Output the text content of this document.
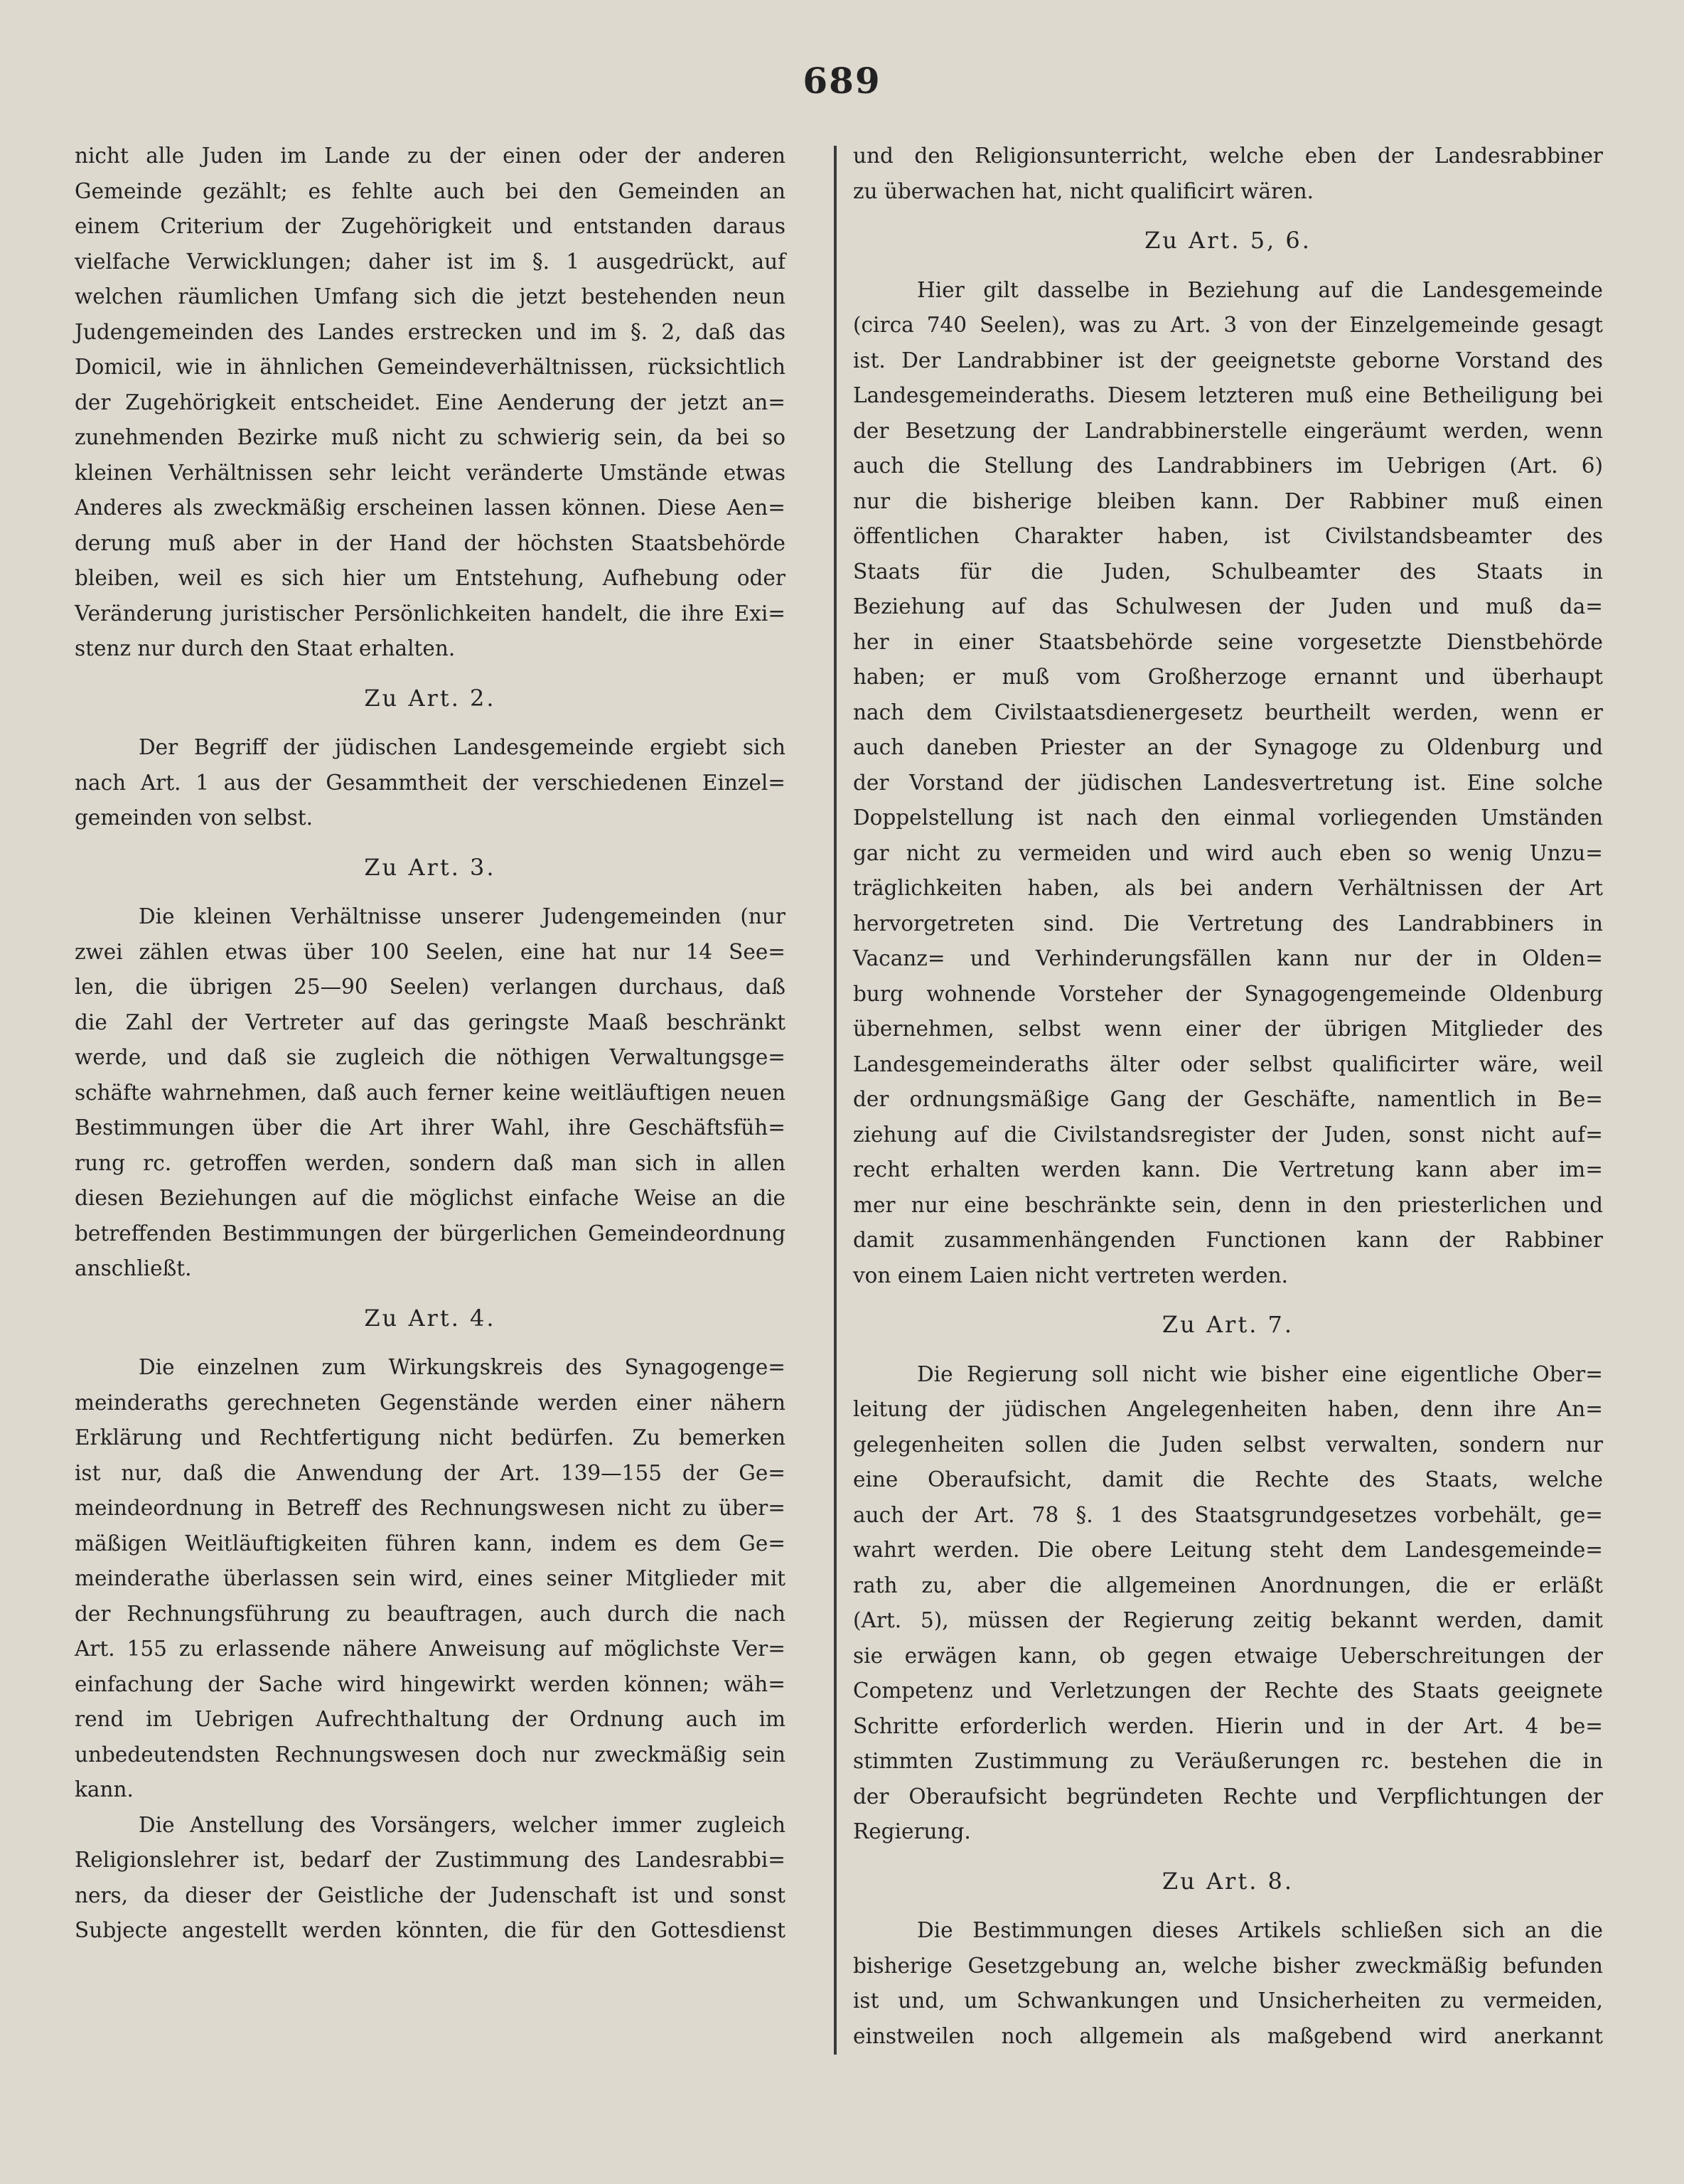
689
nicht alle Juden im Lande zu der einen oder der anderen
Gemeinde gezählt; es fehlte auch bei den Gemeinden an
einem Criterium der Zugehörigkeit und entstanden daraus
vielfache Verwicklungen; daher ist im §. 1 ausgedrückt, auf
welchen räumlichen Umfang sich die jetzt bestehenden neun
Judengemeinden des Landes erstrecken und im §. 2, daß das
Domicil, wie in ähnlichen Gemeindeverhältnissen, rücksichtlich
der Zugehörigkeit entscheidet. Eine Aenderung der jetzt an=
zunehmenden Bezirke muß nicht zu schwierig sein, da bei so
kleinen Verhältnissen sehr leicht veränderte Umstände etwas
Anderes als zweckmäßig erscheinen lassen können. Diese Aen=
derung muß aber in der Hand der höchsten Staatsbehörde
bleiben, weil es sich hier um Entstehung, Aufhebung oder
Veränderung juristischer Persönlichkeiten handelt, die ihre Exi=
stenz nur durch den Staat erhalten.
Zu Art. 2.
Der Begriff der jüdischen Landesgemeinde ergiebt sich
nach Art. 1 aus der Gesammtheit der verschiedenen Einzel=
gemeinden von selbst.
Zu Art. 3.
Die kleinen Verhältnisse unserer Judengemeinden (nur
zwei zählen etwas über 100 Seelen, eine hat nur 14 See=
len, die übrigen 25—90 Seelen) verlangen durchaus, daß
die Zahl der Vertreter auf das geringste Maaß beschränkt
werde, und daß sie zugleich die nöthigen Verwaltungsge=
schäfte wahrnehmen, daß auch ferner keine weitläuftigen neuen
Bestimmungen über die Art ihrer Wahl, ihre Geschäftsfüh=
rung rc. getroffen werden, sondern daß man sich in allen
diesen Beziehungen auf die möglichst einfache Weise an die
betreffenden Bestimmungen der bürgerlichen Gemeindeordnung
anschließt.
Zu Art. 4.
Die einzelnen zum Wirkungskreis des Synagogenge=
meinderaths gerechneten Gegenstände werden einer nähern
Erklärung und Rechtfertigung nicht bedürfen. Zu bemerken
ist nur, daß die Anwendung der Art. 139—155 der Ge=
meindeordnung in Betreff des Rechnungswesen nicht zu über=
mäßigen Weitläuftigkeiten führen kann, indem es dem Ge=
meinderathe überlassen sein wird, eines seiner Mitglieder mit
der Rechnungsführung zu beauftragen, auch durch die nach
Art. 155 zu erlassende nähere Anweisung auf möglichste Ver=
einfachung der Sache wird hingewirkt werden können; wäh=
rend im Uebrigen Aufrechthaltung der Ordnung auch im
unbedeutendsten Rechnungswesen doch nur zweckmäßig sein
kann.
Die Anstellung des Vorsängers, welcher immer zugleich
Religionslehrer ist, bedarf der Zustimmung des Landesrabbi=
ners, da dieser der Geistliche der Judenschaft ist und sonst
Subjecte angestellt werden könnten, die für den Gottesdienst
und den Religionsunterricht, welche eben der Landesrabbiner
zu überwachen hat, nicht qualificirt wären.
Zu Art. 5, 6.
Hier gilt dasselbe in Beziehung auf die Landesgemeinde
(circa 740 Seelen), was zu Art. 3 von der Einzelgemeinde gesagt
ist. Der Landrabbiner ist der geeignetste geborne Vorstand des
Landesgemeinderaths. Diesem letzteren muß eine Betheiligung bei
der Besetzung der Landrabbinerstelle eingeräumt werden, wenn
auch die Stellung des Landrabbiners im Uebrigen (Art. 6)
nur die bisherige bleiben kann. Der Rabbiner muß einen
öffentlichen Charakter haben, ist Civilstandsbeamter des
Staats für die Juden, Schulbeamter des Staats in
Beziehung auf das Schulwesen der Juden und muß da=
her in einer Staatsbehörde seine vorgesetzte Dienstbehörde
haben; er muß vom Großherzoge ernannt und überhaupt
nach dem Civilstaatsdienergesetz beurtheilt werden, wenn er
auch daneben Priester an der Synagoge zu Oldenburg und
der Vorstand der jüdischen Landesvertretung ist. Eine solche
Doppelstellung ist nach den einmal vorliegenden Umständen
gar nicht zu vermeiden und wird auch eben so wenig Unzu=
träglichkeiten haben, als bei andern Verhältnissen der Art
hervorgetreten sind. Die Vertretung des Landrabbiners in
Vacanz= und Verhinderungsfällen kann nur der in Olden=
burg wohnende Vorsteher der Synagogengemeinde Oldenburg
übernehmen, selbst wenn einer der übrigen Mitglieder des
Landesgemeinderaths älter oder selbst qualificirter wäre, weil
der ordnungsmäßige Gang der Geschäfte, namentlich in Be=
ziehung auf die Civilstandsregister der Juden, sonst nicht auf=
recht erhalten werden kann. Die Vertretung kann aber im=
mer nur eine beschränkte sein, denn in den priesterlichen und
damit zusammenhängenden Functionen kann der Rabbiner
von einem Laien nicht vertreten werden.
Zu Art. 7.
Die Regierung soll nicht wie bisher eine eigentliche Ober=
leitung der jüdischen Angelegenheiten haben, denn ihre An=
gelegenheiten sollen die Juden selbst verwalten, sondern nur
eine Oberaufsicht, damit die Rechte des Staats, welche
auch der Art. 78 §. 1 des Staatsgrundgesetzes vorbehält, ge=
wahrt werden. Die obere Leitung steht dem Landesgemeinde=
rath zu, aber die allgemeinen Anordnungen, die er erläßt
(Art. 5), müssen der Regierung zeitig bekannt werden, damit
sie erwägen kann, ob gegen etwaige Ueberschreitungen der
Competenz und Verletzungen der Rechte des Staats geeignete
Schritte erforderlich werden. Hierin und in der Art. 4 be=
stimmten Zustimmung zu Veräußerungen rc. bestehen die in
der Oberaufsicht begründeten Rechte und Verpflichtungen der
Regierung.
Zu Art. 8.
Die Bestimmungen dieses Artikels schließen sich an die
bisherige Gesetzgebung an, welche bisher zweckmäßig befunden
ist und, um Schwankungen und Unsicherheiten zu vermeiden,
einstweilen noch allgemein als maßgebend wird anerkannt
